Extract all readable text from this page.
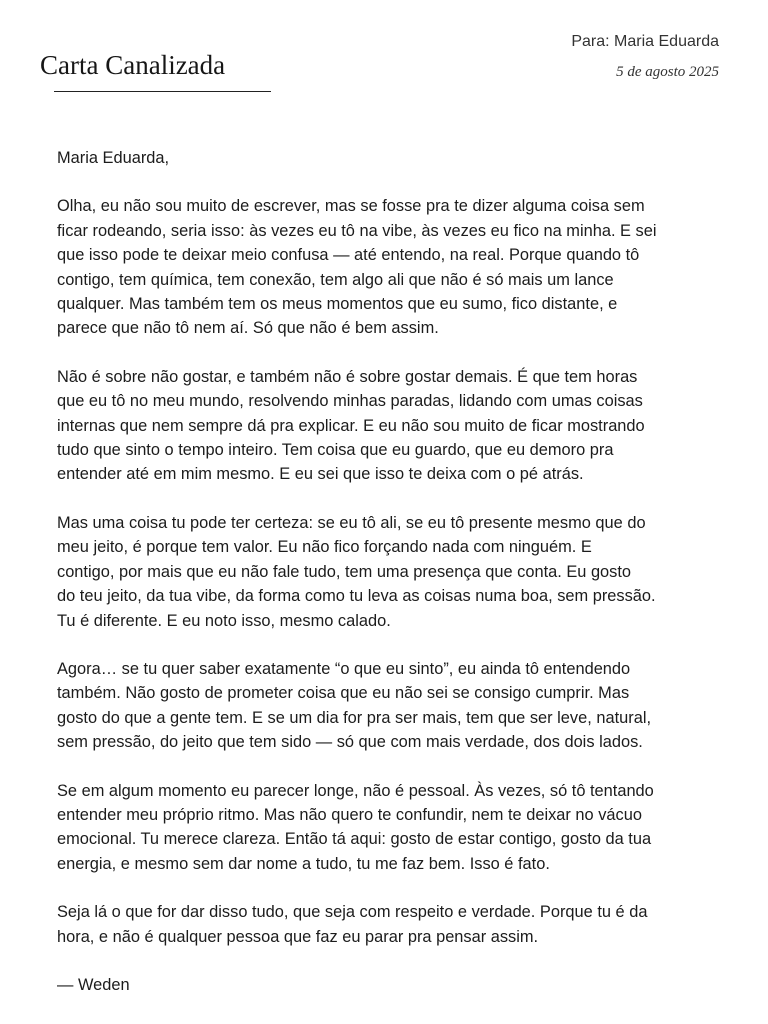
Carta Canalizada
Para: Maria Eduarda
5 de agosto 2025

Maria Eduarda,

Olha, eu não sou muito de escrever, mas se fosse pra te dizer alguma coisa sem
ficar rodeando, seria isso: às vezes eu tô na vibe, às vezes eu fico na minha. E sei
que isso pode te deixar meio confusa — até entendo, na real. Porque quando tô
contigo, tem química, tem conexão, tem algo ali que não é só mais um lance
qualquer. Mas também tem os meus momentos que eu sumo, fico distante, e
parece que não tô nem aí. Só que não é bem assim.

Não é sobre não gostar, e também não é sobre gostar demais. É que tem horas
que eu tô no meu mundo, resolvendo minhas paradas, lidando com umas coisas
internas que nem sempre dá pra explicar. E eu não sou muito de ficar mostrando
tudo que sinto o tempo inteiro. Tem coisa que eu guardo, que eu demoro pra
entender até em mim mesmo. E eu sei que isso te deixa com o pé atrás.

Mas uma coisa tu pode ter certeza: se eu tô ali, se eu tô presente mesmo que do
meu jeito, é porque tem valor. Eu não fico forçando nada com ninguém. E
contigo, por mais que eu não fale tudo, tem uma presença que conta. Eu gosto
do teu jeito, da tua vibe, da forma como tu leva as coisas numa boa, sem pressão.
Tu é diferente. E eu noto isso, mesmo calado.

Agora… se tu quer saber exatamente “o que eu sinto”, eu ainda tô entendendo
também. Não gosto de prometer coisa que eu não sei se consigo cumprir. Mas
gosto do que a gente tem. E se um dia for pra ser mais, tem que ser leve, natural,
sem pressão, do jeito que tem sido — só que com mais verdade, dos dois lados.

Se em algum momento eu parecer longe, não é pessoal. Às vezes, só tô tentando
entender meu próprio ritmo. Mas não quero te confundir, nem te deixar no vácuo
emocional. Tu merece clareza. Então tá aqui: gosto de estar contigo, gosto da tua
energia, e mesmo sem dar nome a tudo, tu me faz bem. Isso é fato.

Seja lá o que for dar disso tudo, que seja com respeito e verdade. Porque tu é da
hora, e não é qualquer pessoa que faz eu parar pra pensar assim.

— Weden
